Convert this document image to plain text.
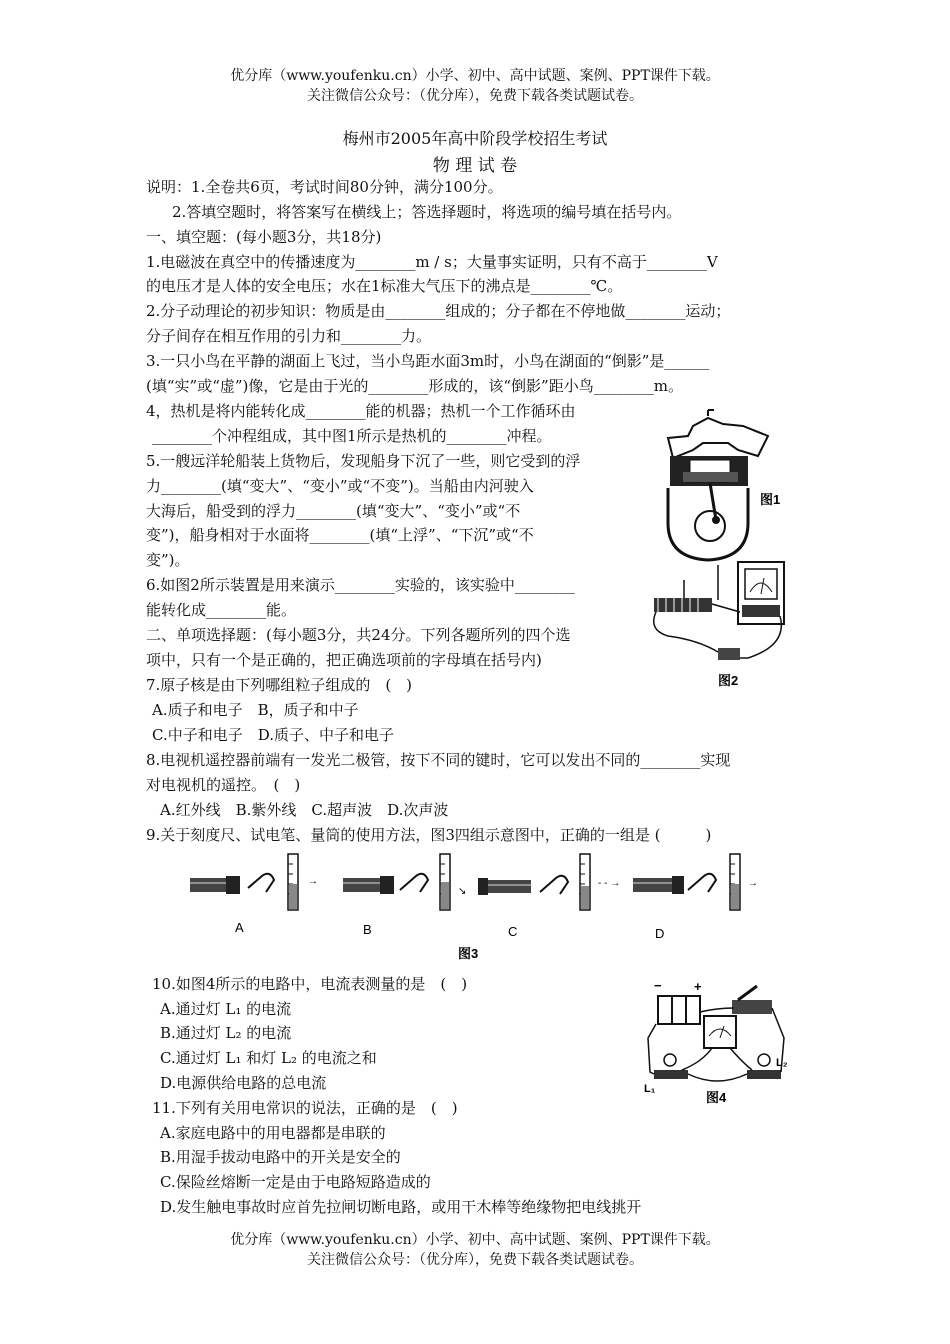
优分库（www.youfenku.cn）小学、初中、高中试题、案例、PPT课件下载。
关注微信公众号：（优分库），免费下载各类试题试卷。
梅州市2005年高中阶段学校招生考试
物 理 试 卷
说明：1.全卷共6页，考试时间80分钟，满分100分。
2.答填空题时，将答案写在横线上；答选择题时，将选项的编号填在括号内。
一、填空题：(每小题3分，共18分)
1.电磁波在真空中的传播速度为________m / s；大量事实证明，只有不高于________V
的电压才是人体的安全电压；水在1标准大气压下的沸点是________℃。
2.分子动理论的初步知识：物质是由________组成的；分子都在不停地做________运动；
分子间存在相互作用的引力和________力。
3.一只小鸟在平静的湖面上飞过，当小鸟距水面3m时，小鸟在湖面的“倒影”是______
(填“实”或“虚”)像，它是由于光的________形成的，该“倒影”距小鸟________m。
4，热机是将内能转化成________能的机器；热机一个工作循环由
________个冲程组成，其中图1所示是热机的________冲程。
5.一艘远洋轮船装上货物后，发现船身下沉了一些，则它受到的浮
力________(填“变大”、“变小”或“不变”)。当船由内河驶入
大海后，船受到的浮力________(填“变大”、“变小”或“不
变”)，船身相对于水面将________(填“上浮”、“下沉”或“不
变”)。
6.如图2所示装置是用来演示________实验的，该实验中________
能转化成________能。
二、单项选择题：(每小题3分，共24分。下列各题所列的四个选
项中，只有一个是正确的，把正确选项前的字母填在括号内)
7.原子核是由下列哪组粒子组成的　(　)
A.质子和电子　B，质子和中子
C.中子和电子　D.质子、中子和电子
8.电视机遥控器前端有一发光二极管，按下不同的键时，它可以发出不同的________实现
对电视机的遥控。　(　)
A.红外线　B.紫外线　C.超声波　D.次声波
9.关于刻度尺、试电笔、量筒的使用方法，图3四组示意图中，正确的一组是 (　　　)
10.如图4所示的电路中，电流表测量的是　(　)
A.通过灯 L₁ 的电流
B.通过灯 L₂ 的电流
C.通过灯 L₁ 和灯 L₂ 的电流之和
D.电源供给电路的总电流
11.下列有关用电常识的说法，正确的是　(　)
A.家庭电路中的用电器都是串联的
B.用湿手拔动电路中的开关是安全的
C.保险丝熔断一定是由于电路短路造成的
D.发生触电事故时应首先拉闸切断电路，或用干木棒等绝缘物把电线挑开
优分库（www.youfenku.cn）小学、初中、高中试题、案例、PPT课件下载。
关注微信公众号：（优分库），免费下载各类试题试卷。
图1
图2
→
↘
- - →	→
A	B	C	D
图3
− +
L₁
L₂
图4
